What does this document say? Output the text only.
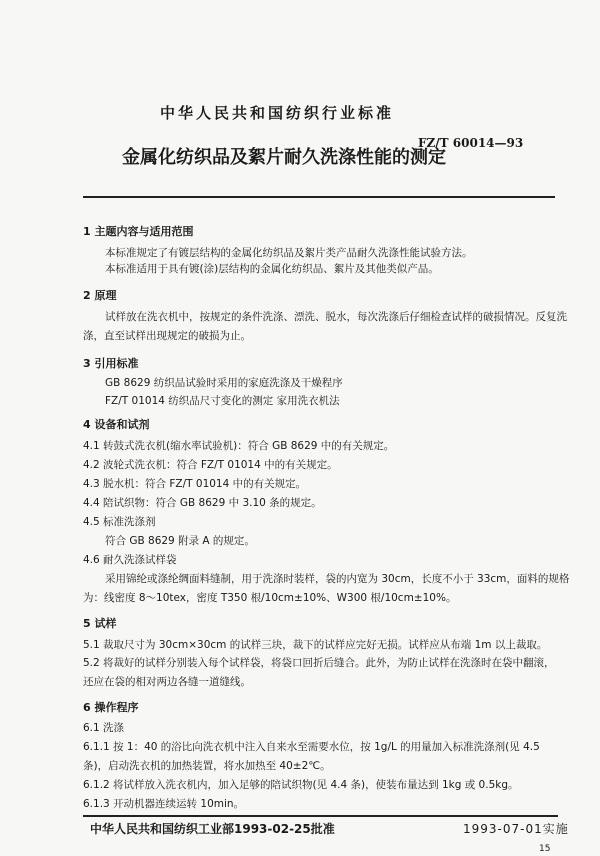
中华人民共和国纺织行业标准
FZ/T 60014—93
金属化纺织品及絮片耐久洗涤性能的测定
1 主题内容与适用范围
本标准规定了有镀层结构的金属化纺织品及絮片类产品耐久洗涤性能试验方法。
本标准适用于具有镀(涂)层结构的金属化纺织品、絮片及其他类似产品。
2 原理
试样放在洗衣机中，按规定的条件洗涤、漂洗、脱水，每次洗涤后仔细检查试样的破损情况。反复洗
涤，直至试样出现规定的破损为止。
3 引用标准
GB 8629 纺织品试验时采用的家庭洗涤及干燥程序
FZ/T 01014 纺织品尺寸变化的测定 家用洗衣机法
4 设备和试剂
4.1 转鼓式洗衣机(缩水率试验机)：符合 GB 8629 中的有关规定。
4.2 波轮式洗衣机：符合 FZ/T 01014 中的有关规定。
4.3 脱水机：符合 FZ/T 01014 中的有关规定。
4.4 陪试织物：符合 GB 8629 中 3.10 条的规定。
4.5 标准洗涤剂
符合 GB 8629 附录 A 的规定。
4.6 耐久洗涤试样袋
采用锦纶或涤纶绸面料缝制，用于洗涤时装样，袋的内宽为 30cm，长度不小于 33cm，面料的规格
为：线密度 8～10tex，密度 T350 根/10cm±10%、W300 根/10cm±10%。
5 试样
5.1 裁取尺寸为 30cm×30cm 的试样三块，裁下的试样应完好无损。试样应从布端 1m 以上裁取。
5.2 将裁好的试样分别装入每个试样袋，将袋口回折后缝合。此外，为防止试样在洗涤时在袋中翻滚，
还应在袋的相对两边各缝一道缝线。
6 操作程序
6.1 洗涤
6.1.1 按 1：40 的浴比向洗衣机中注入自来水至需要水位，按 1g/L 的用量加入标准洗涤剂(见 4.5
条)，启动洗衣机的加热装置，将水加热至 40±2℃。
6.1.2 将试样放入洗衣机内，加入足够的陪试织物(见 4.4 条)，使装布量达到 1kg 或 0.5kg。
6.1.3 开动机器连续运转 10min。
中华人民共和国纺织工业部1993-02-25批准	1993-07-01实施
15
